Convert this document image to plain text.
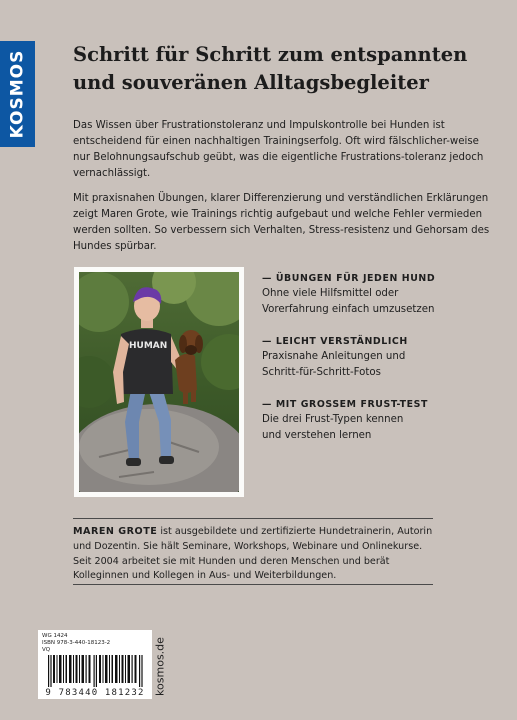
KOSMOS Schritt für Schritt zum entspannten
und souveränen Alltagsbegleiter

Das Wissen über Frustrationstoleranz und Impulskontrolle bei Hunden ist entscheidend für einen nachhaltigen Trainingserfolg. Oft wird fälschlicher-weise nur Belohnungsaufschub geübt, was die eigentliche Frustrations-toleranz jedoch vernachlässigt.

Mit praxisnahen Übungen, klarer Differenzierung und verständlichen Erklärungen zeigt Maren Grote, wie Trainings richtig aufgebaut und welche Fehler vermieden werden sollten. So verbessern sich Verhalten, Stress-resistenz und Gehorsam des Hundes spürbar.

HUMAN
— ÜBUNGEN FÜR JEDEN HUND
Ohne viele Hilfsmittel oder
Vorerfahrung einfach umzusetzen
— LEICHT VERSTÄNDLICH
Praxisnahe Anleitungen und
Schritt-für-Schritt-Fotos
— MIT GROSSEM FRUST-TEST
Die drei Frust-Typen kennen
und verstehen lernen
MAREN GROTE ist ausgebildete und zertifizierte Hundetrainerin, Autorin und Dozentin. Sie hält Seminare, Workshops, Webinare und Onlinekurse. Seit 2004 arbeitet sie mit Hunden und deren Menschen und berät Kolleginnen und Kollegen in Aus- und Weiterbildungen.
WG 1424
ISBN 978-3-440-18123-2
VQ
9 783440 181232 kosmos.de
